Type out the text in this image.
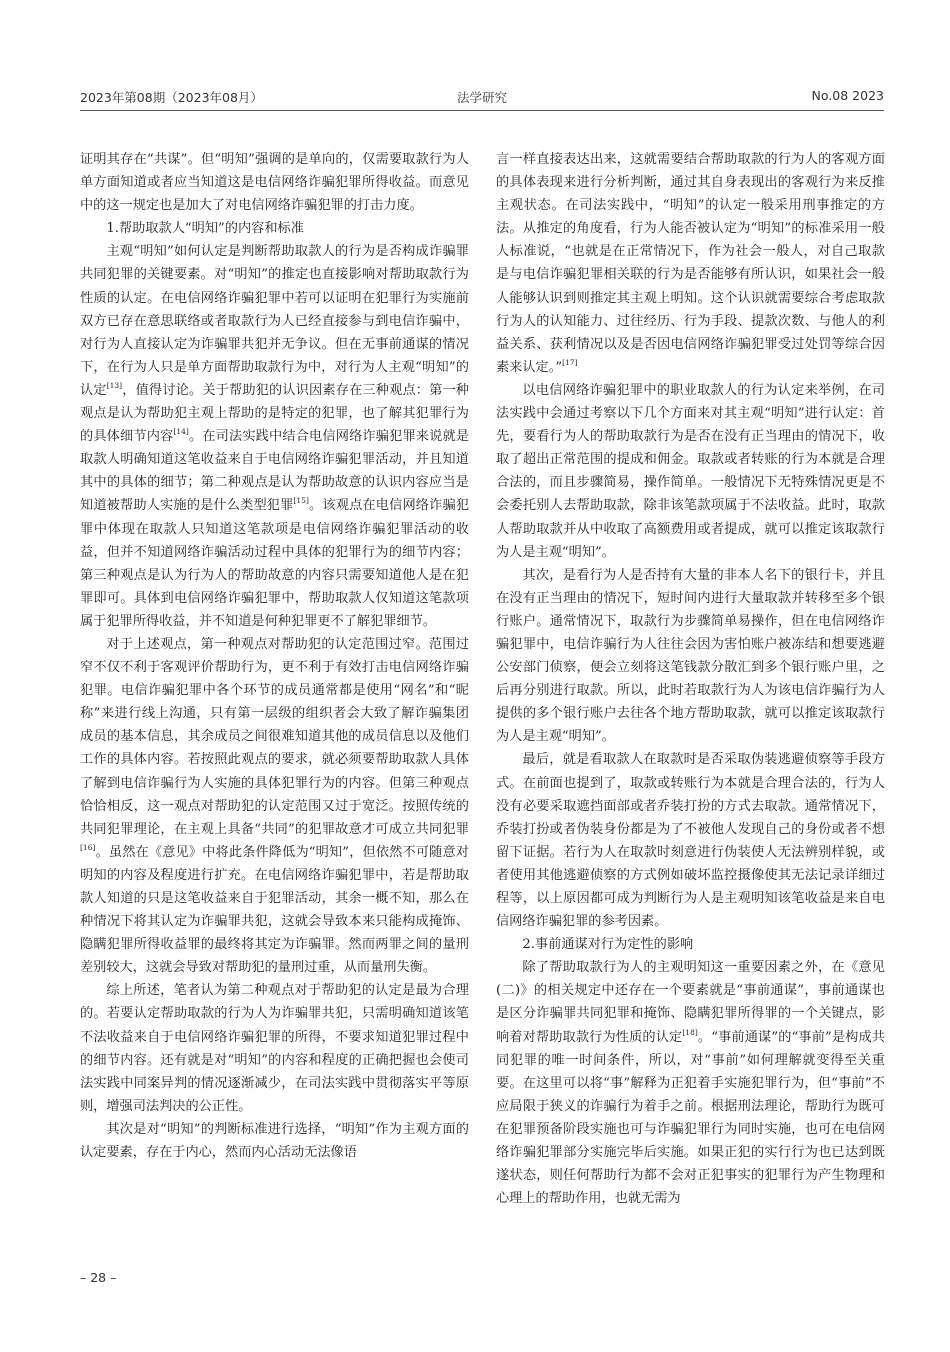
2023年第08期（2023年08月）	法学研究	No.08 2023

证明其存在“共谋”。但“明知”强调的是单向的，仅需要取款行为人单方面知道或者应当知道这是电信网络诈骗犯罪所得收益。而意见中的这一规定也是加大了对电信网络诈骗犯罪的打击力度。

1.帮助取款人“明知”的内容和标准

主观“明知”如何认定是判断帮助取款人的行为是否构成诈骗罪共同犯罪的关键要素。对“明知”的推定也直接影响对帮助取款行为性质的认定。在电信网络诈骗犯罪中若可以证明在犯罪行为实施前双方已存在意思联络或者取款行为人已经直接参与到电信诈骗中，对行为人直接认定为诈骗罪共犯并无争议。但在无事前通谋的情况下，在行为人只是单方面帮助取款行为中，对行为人主观“明知”的认定[13]，值得讨论。关于帮助犯的认识因素存在三种观点：第一种观点是认为帮助犯主观上帮助的是特定的犯罪，也了解其犯罪行为的具体细节内容[14]。在司法实践中结合电信网络诈骗犯罪来说就是取款人明确知道这笔收益来自于电信网络诈骗犯罪活动，并且知道其中的具体的细节；第二种观点是认为帮助故意的认识内容应当是知道被帮助人实施的是什么类型犯罪[15]。该观点在电信网络诈骗犯罪中体现在取款人只知道这笔款项是电信网络诈骗犯罪活动的收益，但并不知道网络诈骗活动过程中具体的犯罪行为的细节内容；第三种观点是认为行为人的帮助故意的内容只需要知道他人是在犯罪即可。具体到电信网络诈骗犯罪中，帮助取款人仅知道这笔款项属于犯罪所得收益，并不知道是何种犯罪更不了解犯罪细节。

对于上述观点，第一种观点对帮助犯的认定范围过窄。范围过窄不仅不利于客观评价帮助行为，更不利于有效打击电信网络诈骗犯罪。电信诈骗犯罪中各个环节的成员通常都是使用“网名”和“昵称”来进行线上沟通，只有第一层级的组织者会大致了解诈骗集团成员的基本信息，其余成员之间很难知道其他的成员信息以及他们工作的具体内容。若按照此观点的要求，就必须要帮助取款人具体了解到电信诈骗行为人实施的具体犯罪行为的内容。但第三种观点恰恰相反，这一观点对帮助犯的认定范围又过于宽泛。按照传统的共同犯罪理论，在主观上具备“共同”的犯罪故意才可成立共同犯罪[16]。虽然在《意见》中将此条件降低为“明知”，但依然不可随意对明知的内容及程度进行扩充。在电信网络诈骗犯罪中，若是帮助取款人知道的只是这笔收益来自于犯罪活动，其余一概不知，那么在种情况下将其认定为诈骗罪共犯，这就会导致本来只能构成掩饰、隐瞒犯罪所得收益罪的最终将其定为诈骗罪。然而两罪之间的量刑差别较大，这就会导致对帮助犯的量刑过重，从而量刑失衡。

综上所述，笔者认为第二种观点对于帮助犯的认定是最为合理的。若要认定帮助取款的行为人为诈骗罪共犯，只需明确知道该笔不法收益来自于电信网络诈骗犯罪的所得，不要求知道犯罪过程中的细节内容。还有就是对“明知”的内容和程度的正确把握也会使司法实践中同案异判的情况逐渐减少，在司法实践中贯彻落实平等原则，增强司法判决的公正性。

其次是对“明知”的判断标准进行选择，“明知”作为主观方面的认定要素，存在于内心，然而内心活动无法像语

言一样直接表达出来，这就需要结合帮助取款的行为人的客观方面的具体表现来进行分析判断，通过其自身表现出的客观行为来反推主观状态。在司法实践中，“明知”的认定一般采用刑事推定的方法。从推定的角度看，行为人能否被认定为“明知”的标准采用一般人标准说，“也就是在正常情况下，作为社会一般人，对自己取款是与电信诈骗犯罪相关联的行为是否能够有所认识，如果社会一般人能够认识到则推定其主观上明知。这个认识就需要综合考虑取款行为人的认知能力、过往经历、行为手段、提款次数、与他人的利益关系、获利情况以及是否因电信网络诈骗犯罪受过处罚等综合因素来认定。”[17]

以电信网络诈骗犯罪中的职业取款人的行为认定来举例，在司法实践中会通过考察以下几个方面来对其主观“明知”进行认定：首先，要看行为人的帮助取款行为是否在没有正当理由的情况下，收取了超出正常范围的提成和佣金。取款或者转账的行为本就是合理合法的，而且步骤简易，操作简单。一般情况下无特殊情况更是不会委托别人去帮助取款，除非该笔款项属于不法收益。此时，取款人帮助取款并从中收取了高额费用或者提成，就可以推定该取款行为人是主观“明知”。

其次，是看行为人是否持有大量的非本人名下的银行卡，并且在没有正当理由的情况下，短时间内进行大量取款并转移至多个银行账户。通常情况下，取款行为步骤简单易操作，但在电信网络诈骗犯罪中，电信诈骗行为人往往会因为害怕账户被冻结和想要逃避公安部门侦察，便会立刻将这笔钱款分散汇到多个银行账户里，之后再分别进行取款。所以，此时若取款行为人为该电信诈骗行为人提供的多个银行账户去往各个地方帮助取款，就可以推定该取款行为人是主观“明知”。

最后，就是看取款人在取款时是否采取伪装逃避侦察等手段方式。在前面也提到了，取款或转账行为本就是合理合法的，行为人没有必要采取遮挡面部或者乔装打扮的方式去取款。通常情况下，乔装打扮或者伪装身份都是为了不被他人发现自己的身份或者不想留下证据。若行为人在取款时刻意进行伪装使人无法辨别样貌，或者使用其他逃避侦察的方式例如破坏监控摄像使其无法记录详细过程等，以上原因都可成为判断行为人是主观明知该笔收益是来自电信网络诈骗犯罪的参考因素。

2.事前通谋对行为定性的影响

除了帮助取款行为人的主观明知这一重要因素之外，在《意见(二)》的相关规定中还存在一个要素就是“事前通谋”，事前通谋也是区分诈骗罪共同犯罪和掩饰、隐瞒犯罪所得罪的一个关键点，影响着对帮助取款行为性质的认定[18]。“事前通谋”的“事前”是构成共同犯罪的唯一时间条件，所以，对“事前”如何理解就变得至关重要。在这里可以将“事”解释为正犯着手实施犯罪行为，但“事前”不应局限于狭义的诈骗行为着手之前。根据刑法理论，帮助行为既可在犯罪预备阶段实施也可与诈骗犯罪行为同时实施，也可在电信网络诈骗犯罪部分实施完毕后实施。如果正犯的实行行为也已达到既遂状态，则任何帮助行为都不会对正犯事实的犯罪行为产生物理和心理上的帮助作用，也就无需为

– 28 –
